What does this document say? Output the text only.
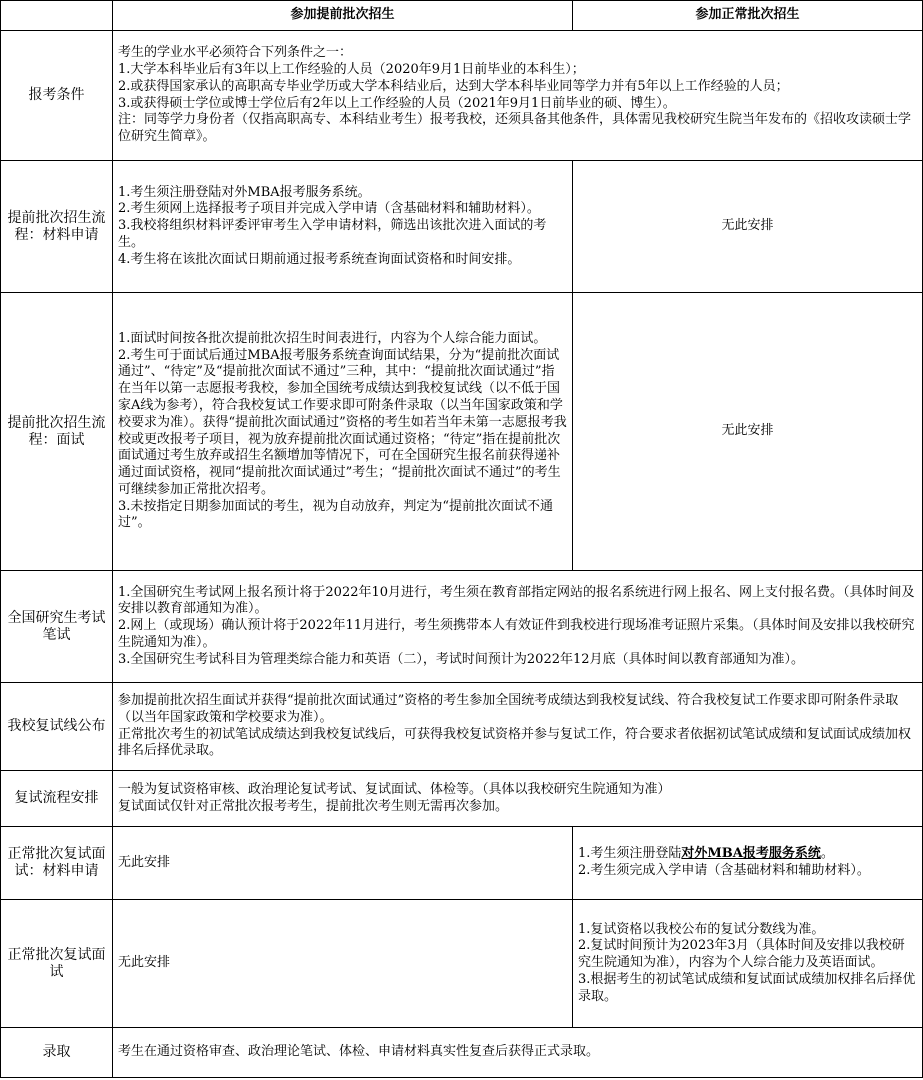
	参加提前批次招生	参加正常批次招生
报考条件	考生的学业水平必须符合下列条件之一：
1.大学本科毕业后有3年以上工作经验的人员（2020年9月1日前毕业的本科生）；
2.或获得国家承认的高职高专毕业学历或大学本科结业后，达到大学本科毕业同等学力并有5年以上工作经验的人员；
3.或获得硕士学位或博士学位后有2年以上工作经验的人员（2021年9月1日前毕业的硕、博生）。
注：同等学力身份者（仅指高职高专、本科结业考生）报考我校，还须具备其他条件，具体需见我校研究生院当年发布的《招收攻读硕士学位研究生简章》。	

提前批次招生流程：材料申请	1.考生须注册登陆对外MBA报考服务系统。
2.考生须网上选择报考子项目并完成入学申请（含基础材料和辅助材料）。
3.我校将组织材料评委评审考生入学申请材料，筛选出该批次进入面试的考生。
4.考生将在该批次面试日期前通过报考系统查询面试资格和时间安排。	无此安排
提前批次招生流程：面试	1.面试时间按各批次提前批次招生时间表进行，内容为个人综合能力面试。
2.考生可于面试后通过MBA报考服务系统查询面试结果，分为“提前批次面试通过”、“待定”及“提前批次面试不通过”三种，其中：“提前批次面试通过”指在当年以第一志愿报考我校，参加全国统考成绩达到我校复试线（以不低于国家A线为参考），符合我校复试工作要求即可附条件录取（以当年国家政策和学校要求为准）。获得“提前批次面试通过”资格的考生如若当年未第一志愿报考我校或更改报考子项目，视为放弃提前批次面试通过资格；“待定”指在提前批次面试通过考生放弃或招生名额增加等情况下，可在全国研究生报名前获得递补通过面试资格，视同“提前批次面试通过”考生；“提前批次面试不通过”的考生可继续参加正常批次招考。
3.未按指定日期参加面试的考生，视为自动放弃，判定为“提前批次面试不通过”。	无此安排
全国研究生考试笔试	1.全国研究生考试网上报名预计将于2022年10月进行，考生须在教育部指定网站的报名系统进行网上报名、网上支付报名费。（具体时间及安排以教育部通知为准）。
2.网上（或现场）确认预计将于2022年11月进行，考生须携带本人有效证件到我校进行现场准考证照片采集。（具体时间及安排以我校研究生院通知为准）。
3.全国研究生考试科目为管理类综合能力和英语（二），考试时间预计为2022年12月底（具体时间以教育部通知为准）。	

我校复试线公布	参加提前批次招生面试并获得“提前批次面试通过”资格的考生参加全国统考成绩达到我校复试线、符合我校复试工作要求即可附条件录取（以当年国家政策和学校要求为准）。
正常批次考生的初试笔试成绩达到我校复试线后，可获得我校复试资格并参与复试工作，符合要求者依据初试笔试成绩和复试面试成绩加权排名后择优录取。	

复试流程安排	一般为复试资格审核、政治理论复试考试、复试面试、体检等。（具体以我校研究生院通知为准）
复试面试仅针对正常批次报考考生，提前批次考生则无需再次参加。	

正常批次复试面试：材料申请	无此安排	1.考生须注册登陆对外MBA报考服务系统。
2.考生须完成入学申请（含基础材料和辅助材料）。

正常批次复试面试	无此安排	1.复试资格以我校公布的复试分数线为准。
2.复试时间预计为2023年3月（具体时间及安排以我校研究生院通知为准），内容为个人综合能力及英语面试。
3.根据考生的初试笔试成绩和复试面试成绩加权排名后择优录取。

录取	考生在通过资格审查、政治理论笔试、体检、申请材料真实性复查后获得正式录取。	
